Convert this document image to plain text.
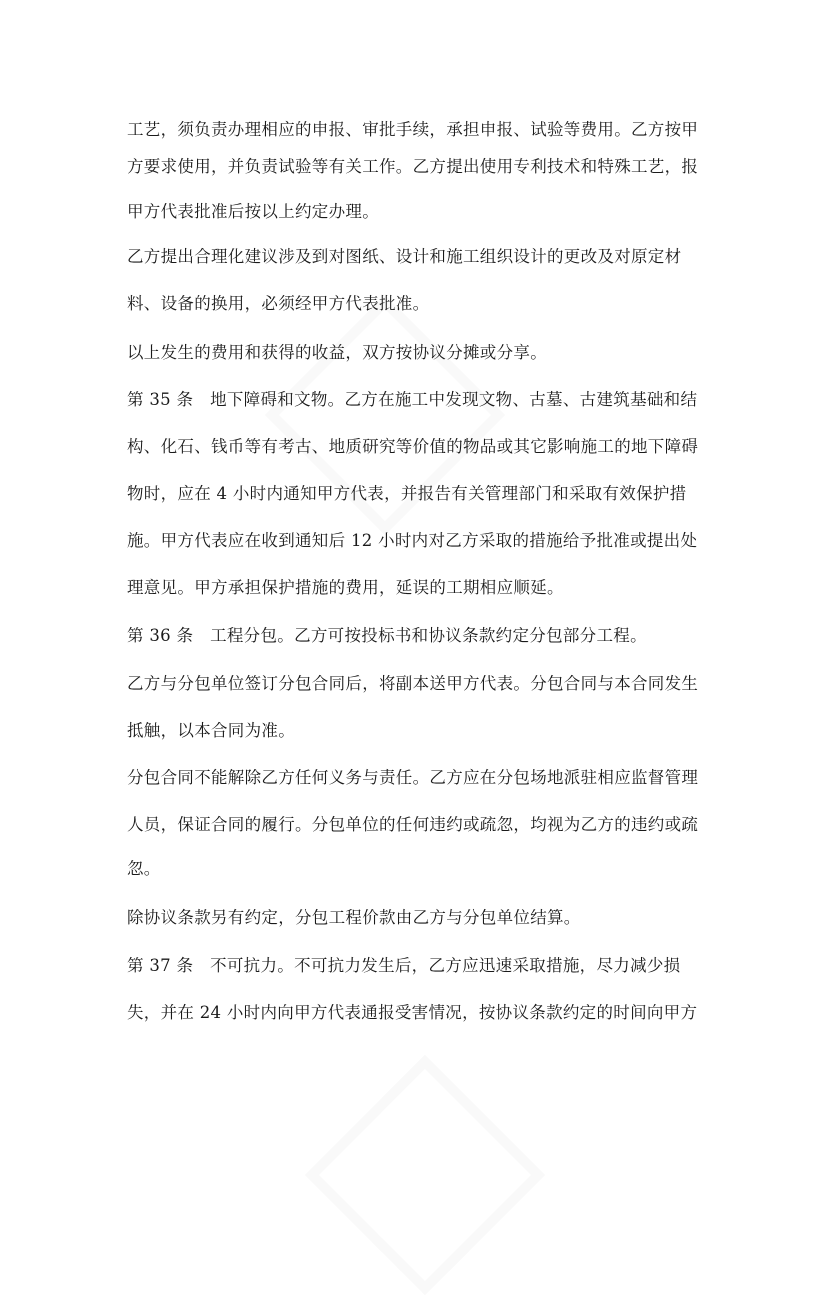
工艺，须负责办理相应的申报、审批手续，承担申报、试验等费用。乙方按甲
方要求使用，并负责试验等有关工作。乙方提出使用专利技术和特殊工艺，报
甲方代表批准后按以上约定办理。
乙方提出合理化建议涉及到对图纸、设计和施工组织设计的更改及对原定材
料、设备的换用，必须经甲方代表批准。
以上发生的费用和获得的收益，双方按协议分摊或分享。
第 35 条　地下障碍和文物。乙方在施工中发现文物、古墓、古建筑基础和结
构、化石、钱币等有考古、地质研究等价值的物品或其它影响施工的地下障碍
物时，应在 4 小时内通知甲方代表，并报告有关管理部门和采取有效保护措
施。甲方代表应在收到通知后 12 小时内对乙方采取的措施给予批准或提出处
理意见。甲方承担保护措施的费用，延误的工期相应顺延。
第 36 条　工程分包。乙方可按投标书和协议条款约定分包部分工程。
乙方与分包单位签订分包合同后，将副本送甲方代表。分包合同与本合同发生
抵触，以本合同为准。
分包合同不能解除乙方任何义务与责任。乙方应在分包场地派驻相应监督管理
人员，保证合同的履行。分包单位的任何违约或疏忽，均视为乙方的违约或疏
忽。
除协议条款另有约定，分包工程价款由乙方与分包单位结算。
第 37 条　不可抗力。不可抗力发生后，乙方应迅速采取措施，尽力减少损
失，并在 24 小时内向甲方代表通报受害情况，按协议条款约定的时间向甲方
